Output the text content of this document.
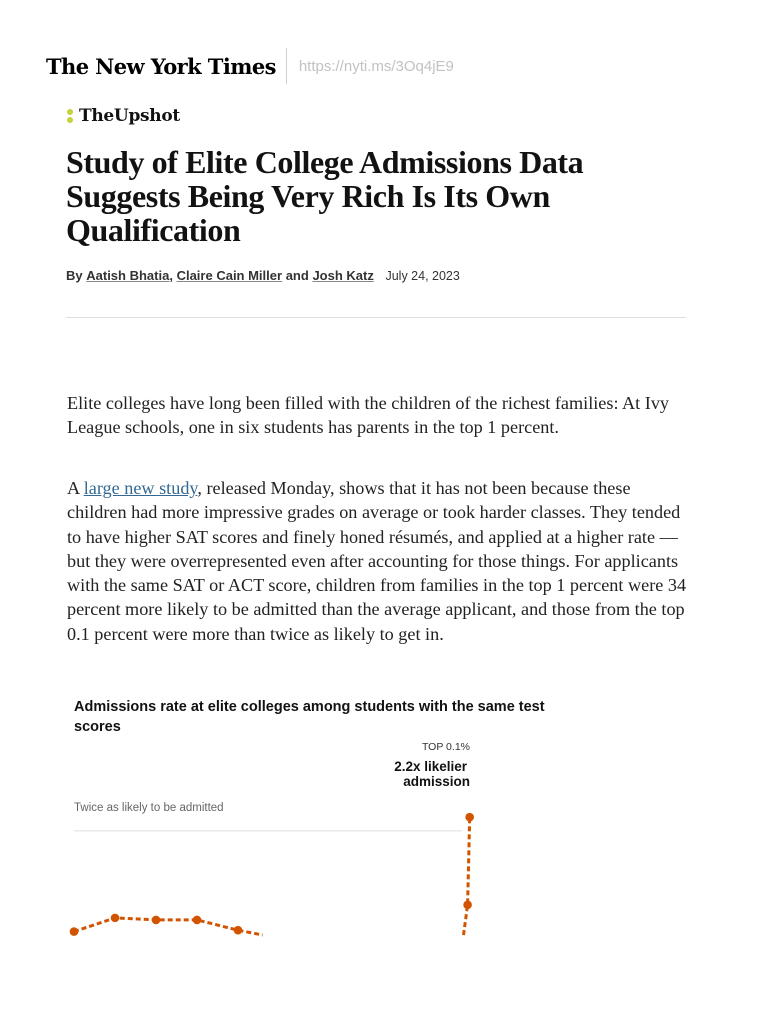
The New York Times https://nyti.ms/3Oq4jE9
TheUpshot
Study of Elite College Admissions Data
Suggests Being Very Rich Is Its Own
Qualification
By Aatish Bhatia, Claire Cain Miller and Josh Katz July 24, 2023

Elite colleges have long been filled with the children of the richest families: At Ivy League schools, one in six students has parents in the top 1 percent.

A large new study, released Monday, shows that it has not been because these children had more impressive grades on average or took harder classes. They tended to have higher SAT scores and finely honed résumés, and applied at a higher rate — but they were overrepresented even after accounting for those things. For applicants with the same SAT or ACT score, children from families in the top 1 percent were 34 percent more likely to be admitted than the average applicant, and those from the top 0.1 percent were more than twice as likely to get in.

Admissions rate at elite colleges among students with the same test scores
Twice as likely to be admitted
TOP 0.1%
2.2x likelier
admission
